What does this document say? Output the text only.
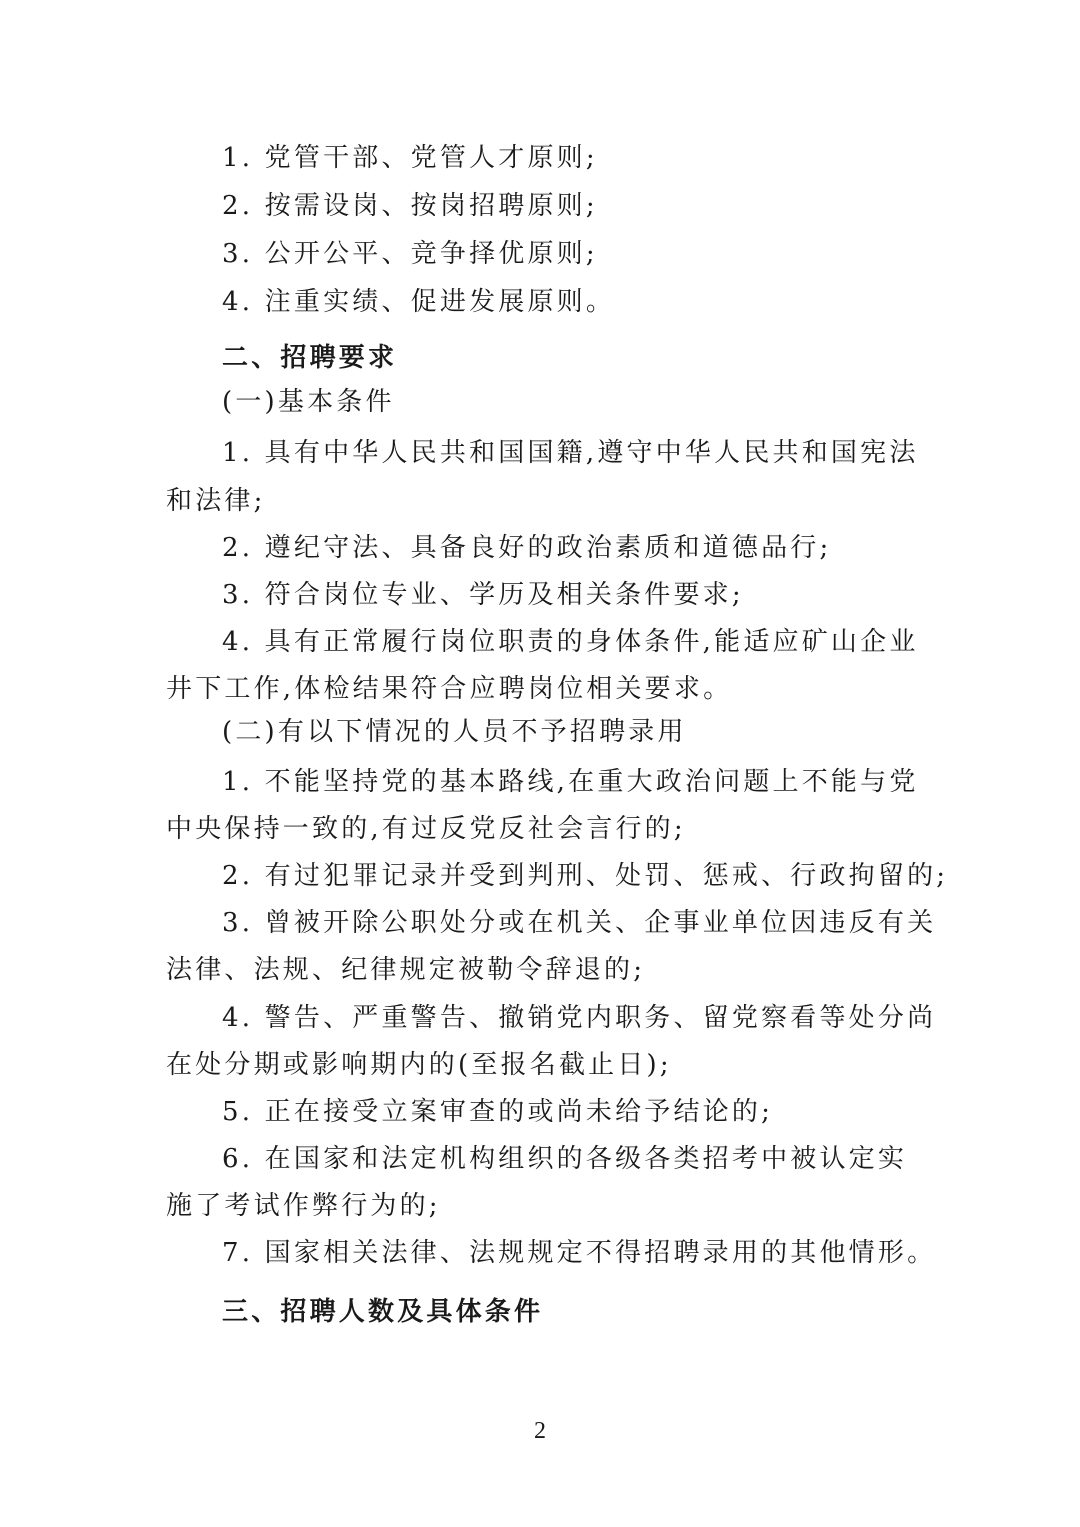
1. 党管干部、党管人才原则;
2. 按需设岗、按岗招聘原则;
3. 公开公平、竞争择优原则;
4. 注重实绩、促进发展原则。
二、招聘要求
(一)基本条件
1. 具有中华人民共和国国籍,遵守中华人民共和国宪法
和法律;
2. 遵纪守法、具备良好的政治素质和道德品行;
3. 符合岗位专业、学历及相关条件要求;
4. 具有正常履行岗位职责的身体条件,能适应矿山企业
井下工作,体检结果符合应聘岗位相关要求。
(二)有以下情况的人员不予招聘录用
1. 不能坚持党的基本路线,在重大政治问题上不能与党
中央保持一致的,有过反党反社会言行的;
2. 有过犯罪记录并受到判刑、处罚、惩戒、行政拘留的;
3. 曾被开除公职处分或在机关、企事业单位因违反有关
法律、法规、纪律规定被勒令辞退的;
4. 警告、严重警告、撤销党内职务、留党察看等处分尚
在处分期或影响期内的(至报名截止日);
5. 正在接受立案审查的或尚未给予结论的;
6. 在国家和法定机构组织的各级各类招考中被认定实
施了考试作弊行为的;
7. 国家相关法律、法规规定不得招聘录用的其他情形。
三、招聘人数及具体条件
2
